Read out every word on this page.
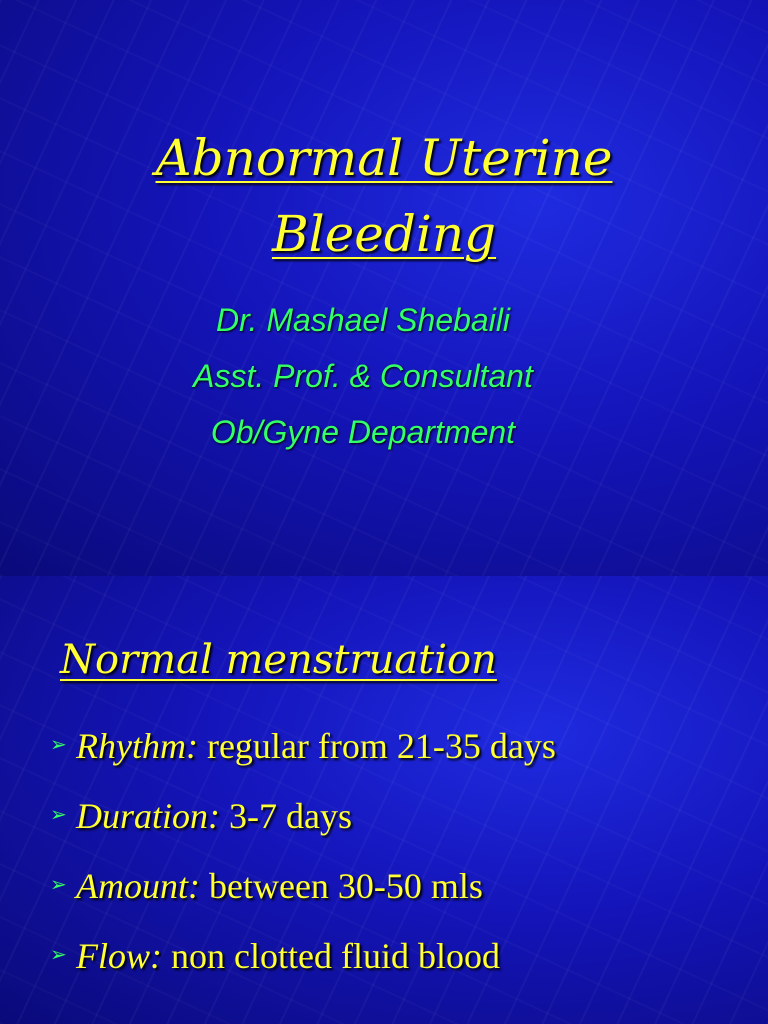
Abnormal Uterine
Bleeding
Dr. Mashael Shebaili
Asst. Prof. & Consultant
Ob/Gyne Department
Normal menstruation
➢ Rhythm: regular from 21-35 days
➢ Duration: 3-7 days
➢ Amount: between 30-50 mls
➢ Flow: non clotted fluid blood
